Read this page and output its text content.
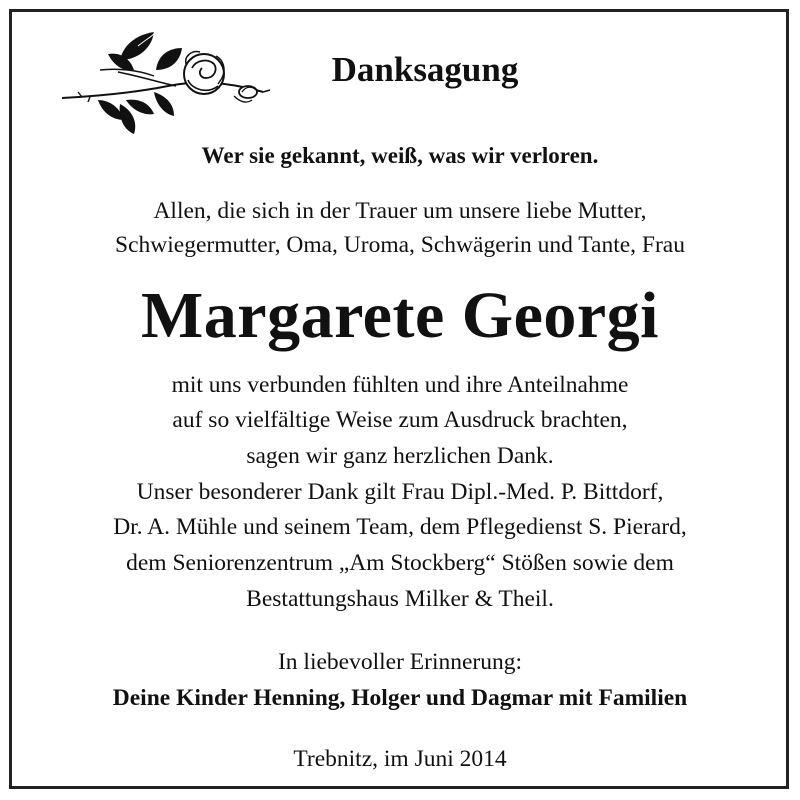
Danksagung
Wer sie gekannt, weiß, was wir verloren.
Allen, die sich in der Trauer um unsere liebe Mutter,
Schwiegermutter, Oma, Uroma, Schwägerin und Tante, Frau
Margarete Georgi
mit uns verbunden fühlten und ihre Anteilnahme
auf so vielfältige Weise zum Ausdruck brachten,
sagen wir ganz herzlichen Dank.
Unser besonderer Dank gilt Frau Dipl.-Med. P. Bittdorf,
Dr. A. Mühle und seinem Team, dem Pflegedienst S. Pierard,
dem Seniorenzentrum „Am Stockberg“ Stößen sowie dem
Bestattungshaus Milker & Theil.
In liebevoller Erinnerung:
Deine Kinder Henning, Holger und Dagmar mit Familien
Trebnitz, im Juni 2014
